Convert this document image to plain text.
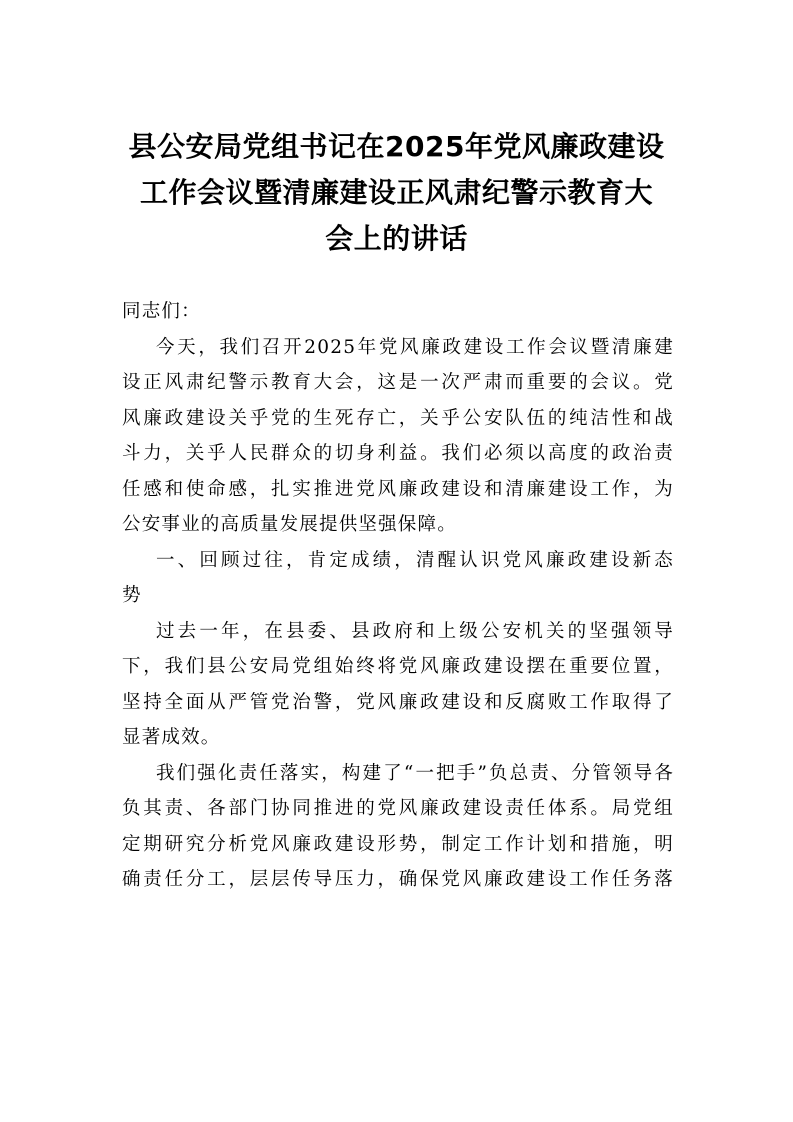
县公安局党组书记在2025年党风廉政建设
工作会议暨清廉建设正风肃纪警示教育大
会上的讲话
同志们：
今天，我们召开2025年党风廉政建设工作会议暨清廉建
设正风肃纪警示教育大会，这是一次严肃而重要的会议。党
风廉政建设关乎党的生死存亡，关乎公安队伍的纯洁性和战
斗力，关乎人民群众的切身利益。我们必须以高度的政治责
任感和使命感，扎实推进党风廉政建设和清廉建设工作，为
公安事业的高质量发展提供坚强保障。
一、回顾过往，肯定成绩，清醒认识党风廉政建设新态
势
过去一年，在县委、县政府和上级公安机关的坚强领导
下，我们县公安局党组始终将党风廉政建设摆在重要位置，
坚持全面从严管党治警，党风廉政建设和反腐败工作取得了
显著成效。
我们强化责任落实，构建了“一把手”负总责、分管领导各
负其责、各部门协同推进的党风廉政建设责任体系。局党组
定期研究分析党风廉政建设形势，制定工作计划和措施，明
确责任分工，层层传导压力，确保党风廉政建设工作任务落
